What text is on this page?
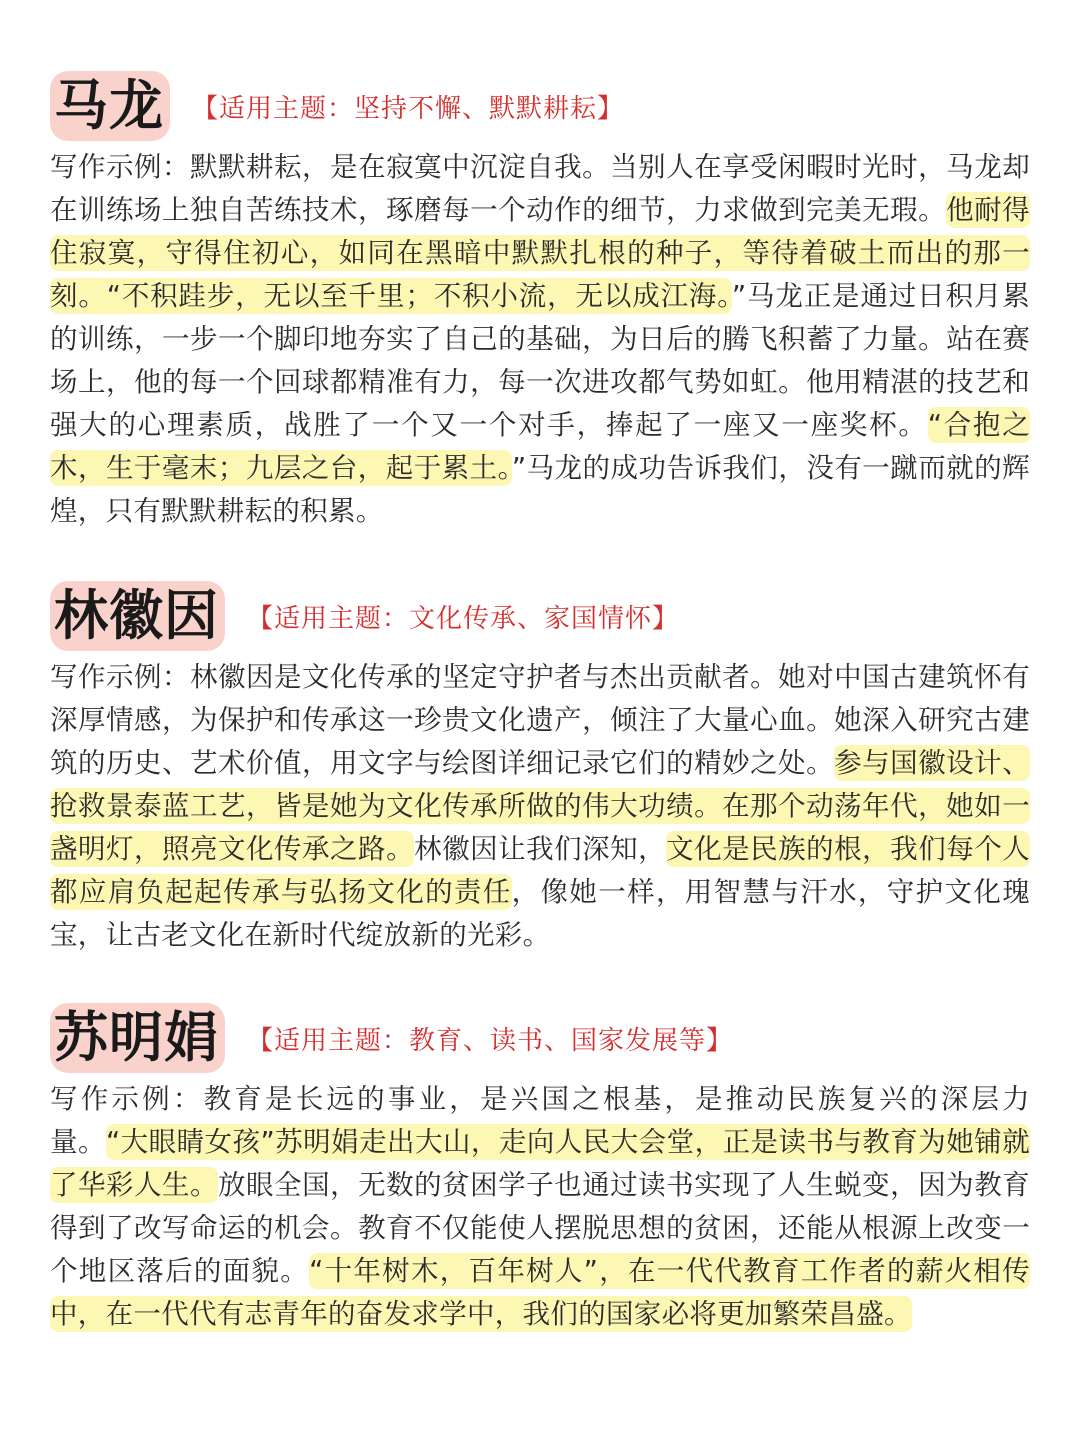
马龙 【适用主题：坚持不懈、默默耕耘】
写作示例：默默耕耘，是在寂寞中沉淀自我。当别人在享受闲暇时光时，马龙却在训练场上独自苦练技术，琢磨每一个动作的细节，力求做到完美无瑕。他耐得住寂寞，守得住初心，如同在黑暗中默默扎根的种子，等待着破土而出的那一刻。“不积跬步，无以至千里；不积小流，无以成江海。”马龙正是通过日积月累的训练，一步一个脚印地夯实了自己的基础，为日后的腾飞积蓄了力量。站在赛场上，他的每一个回球都精准有力，每一次进攻都气势如虹。他用精湛的技艺和强大的心理素质，战胜了一个又一个对手，捧起了一座又一座奖杯。“合抱之木，生于毫末；九层之台，起于累土。”马龙的成功告诉我们，没有一蹴而就的辉煌，只有默默耕耘的积累。
林徽因 【适用主题：文化传承、家国情怀】
写作示例：林徽因是文化传承的坚定守护者与杰出贡献者。她对中国古建筑怀有深厚情感，为保护和传承这一珍贵文化遗产，倾注了大量心血。她深入研究古建筑的历史、艺术价值，用文字与绘图详细记录它们的精妙之处。参与国徽设计、抢救景泰蓝工艺，皆是她为文化传承所做的伟大功绩。在那个动荡年代，她如一盏明灯，照亮文化传承之路。林徽因让我们深知，文化是民族的根，我们每个人都应肩负起起传承与弘扬文化的责任，像她一样，用智慧与汗水，守护文化瑰宝，让古老文化在新时代绽放新的光彩。
苏明娟 【适用主题：教育、读书、国家发展等】
写作示例：教育是长远的事业，是兴国之根基，是推动民族复兴的深层力量。“大眼睛女孩”苏明娟走出大山，走向人民大会堂，正是读书与教育为她铺就了华彩人生。放眼全国，无数的贫困学子也通过读书实现了人生蜕变，因为教育得到了改写命运的机会。教育不仅能使人摆脱思想的贫困，还能从根源上改变一个地区落后的面貌。“十年树木，百年树人”，在一代代教育工作者的薪火相传中，在一代代有志青年的奋发求学中，我们的国家必将更加繁荣昌盛。
